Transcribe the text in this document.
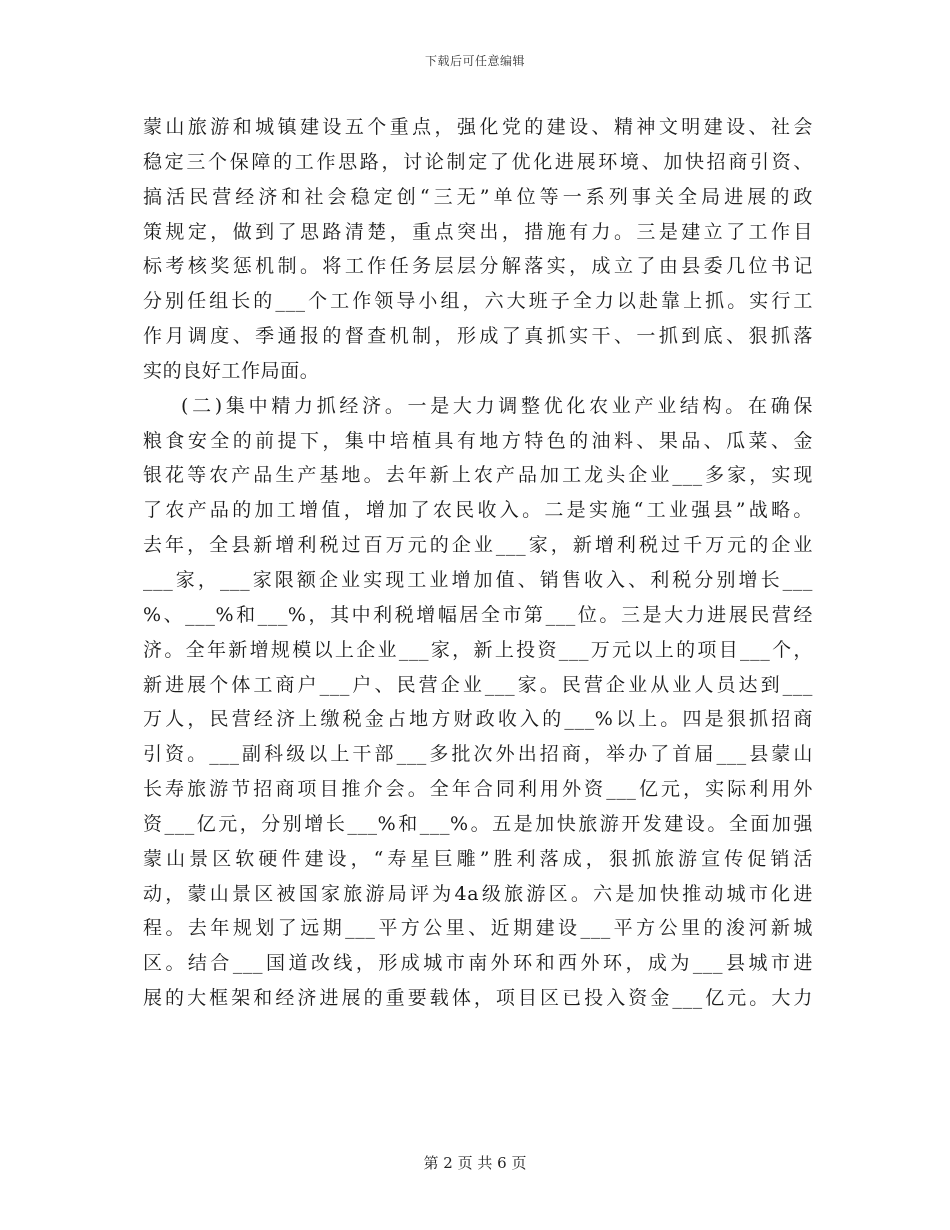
下载后可任意编辑
蒙山旅游和城镇建设五个重点，强化党的建设、精神文明建设、社会
稳定三个保障的工作思路，讨论制定了优化进展环境、加快招商引资、
搞活民营经济和社会稳定创“三无”单位等一系列事关全局进展的政
策规定，做到了思路清楚，重点突出，措施有力。三是建立了工作目
标考核奖惩机制。将工作任务层层分解落实，成立了由县委几位书记
分别任组长的___个工作领导小组，六大班子全力以赴靠上抓。实行工
作月调度、季通报的督查机制，形成了真抓实干、一抓到底、狠抓落
实的良好工作局面。
(二)集中精力抓经济。一是大力调整优化农业产业结构。在确保
粮食安全的前提下，集中培植具有地方特色的油料、果品、瓜菜、金
银花等农产品生产基地。去年新上农产品加工龙头企业___多家，实现
了农产品的加工增值，增加了农民收入。二是实施“工业强县”战略。
去年，全县新增利税过百万元的企业___家，新增利税过千万元的企业
___家，___家限额企业实现工业增加值、销售收入、利税分别增长___
%、___%和___%，其中利税增幅居全市第___位。三是大力进展民营经
济。全年新增规模以上企业___家，新上投资___万元以上的项目___个，
新进展个体工商户___户、民营企业___家。民营企业从业人员达到___
万人，民营经济上缴税金占地方财政收入的___%以上。四是狠抓招商
引资。___副科级以上干部___多批次外出招商，举办了首届___县蒙山
长寿旅游节招商项目推介会。全年合同利用外资___亿元，实际利用外
资___亿元，分别增长___%和___%。五是加快旅游开发建设。全面加强
蒙山景区软硬件建设，“寿星巨雕”胜利落成，狠抓旅游宣传促销活
动，蒙山景区被国家旅游局评为4a级旅游区。六是加快推动城市化进
程。去年规划了远期___平方公里、近期建设___平方公里的浚河新城
区。结合___国道改线，形成城市南外环和西外环，成为___县城市进
展的大框架和经济进展的重要载体，项目区已投入资金___亿元。大力
第 2 页 共 6 页
